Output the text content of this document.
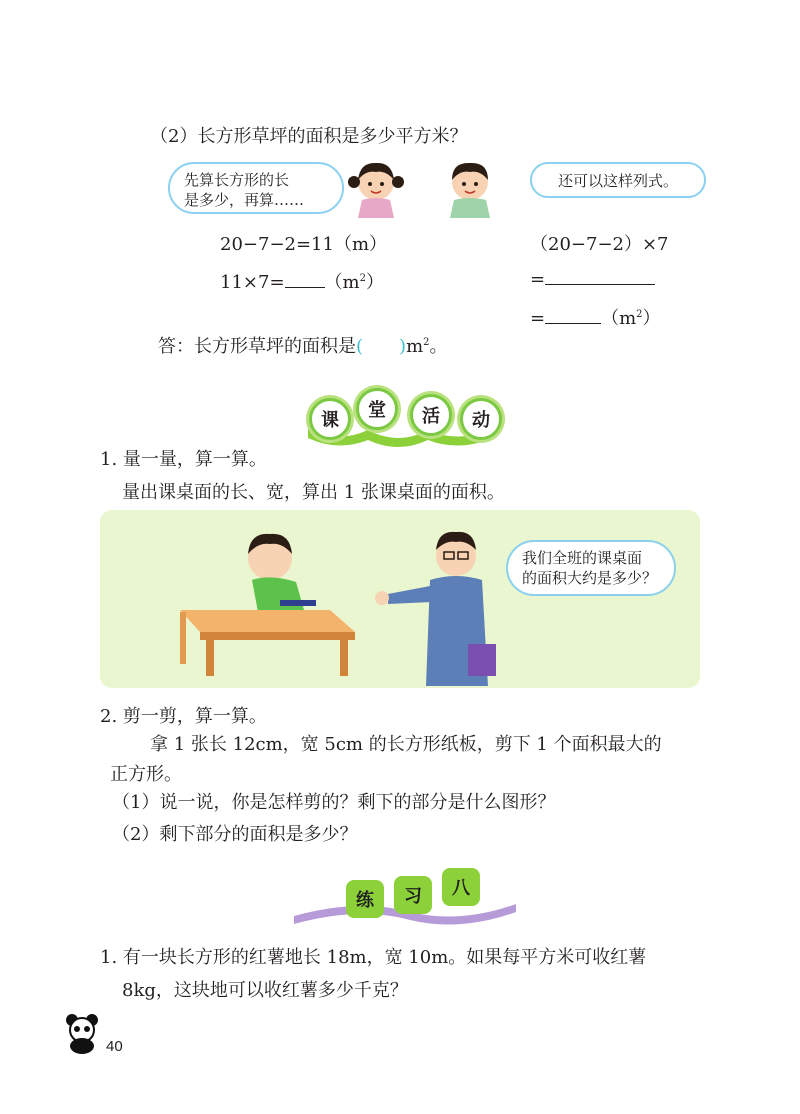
（2）长方形草坪的面积是多少平方米？
先算长方形的长
是多少，再算……
还可以这样列式。
20−7−2=11（m）
$11\times 7= (m^2)$
（20−7−2）×7
=
=	$(m^2)$
答：长方形草坪的面积是( )$m^2$。
课	堂	活	动
1. 量一量，算一算。
量出课桌面的长、宽，算出 1 张课桌面的面积。
我们全班的课桌面
的面积大约是多少？
2. 剪一剪，算一算。
拿 1 张长 12cm，宽 5cm 的长方形纸板，剪下 1 个面积最大的
正方形。
（1）说一说，你是怎样剪的？剩下的部分是什么图形？
（2）剩下部分的面积是多少？
练	习	八
1. 有一块长方形的红薯地长 18m，宽 10m。如果每平方米可收红薯
8kg，这块地可以收红薯多少千克？
40
